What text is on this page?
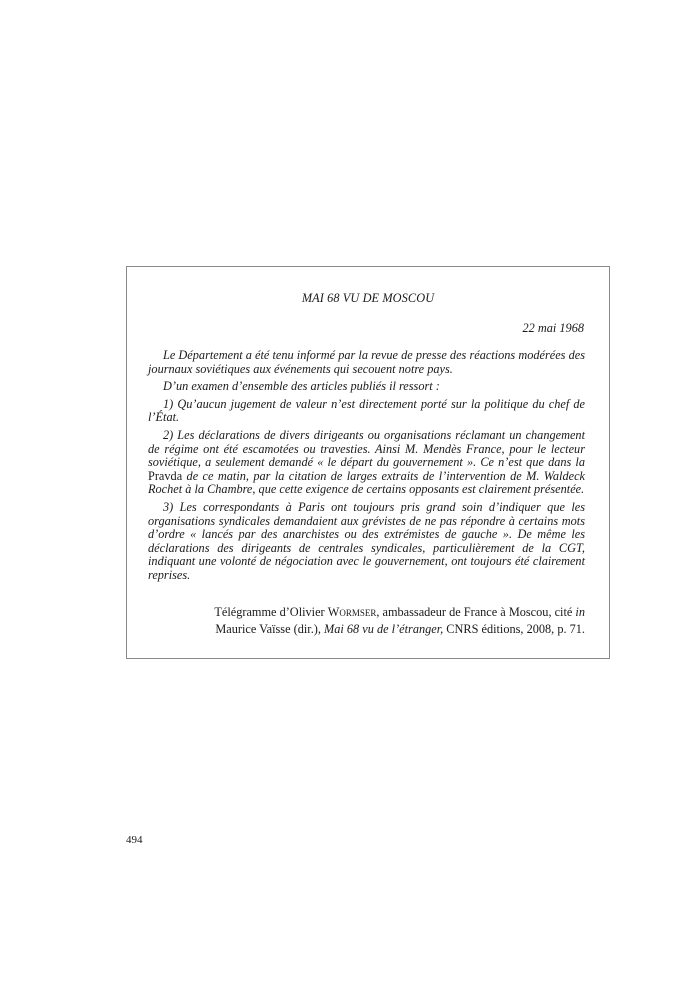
MAI 68 VU DE MOSCOU
22 mai 1968

Le Département a été tenu informé par la revue de presse des réactions modérées des journaux soviétiques aux événements qui secouent notre pays.

D’un examen d’ensemble des articles publiés il ressort :

1) Qu’aucun jugement de valeur n’est directement porté sur la politique du chef de l’État.

2) Les déclarations de divers dirigeants ou organisations réclamant un changement de régime ont été escamotées ou travesties. Ainsi M. Mendès France, pour le lecteur soviétique, a seulement demandé « le départ du gouvernement ». Ce n’est que dans la Pravda de ce matin, par la citation de larges extraits de l’intervention de M. Waldeck Rochet à la Chambre, que cette exigence de certains opposants est clairement présentée.

3) Les correspondants à Paris ont toujours pris grand soin d’indiquer que les organisations syndicales demandaient aux grévistes de ne pas répondre à certains mots d’ordre « lancés par des anarchistes ou des extrémistes de gauche ». De même les déclarations des dirigeants de centrales syndicales, particulièrement de la CGT, indiquant une volonté de négociation avec le gouvernement, ont toujours été clairement reprises.

Télégramme d’Olivier Wormser, ambassadeur de France à Moscou, cité in
Maurice Vaïsse (dir.), Mai 68 vu de l’étranger, CNRS éditions, 2008, p. 71.
494
